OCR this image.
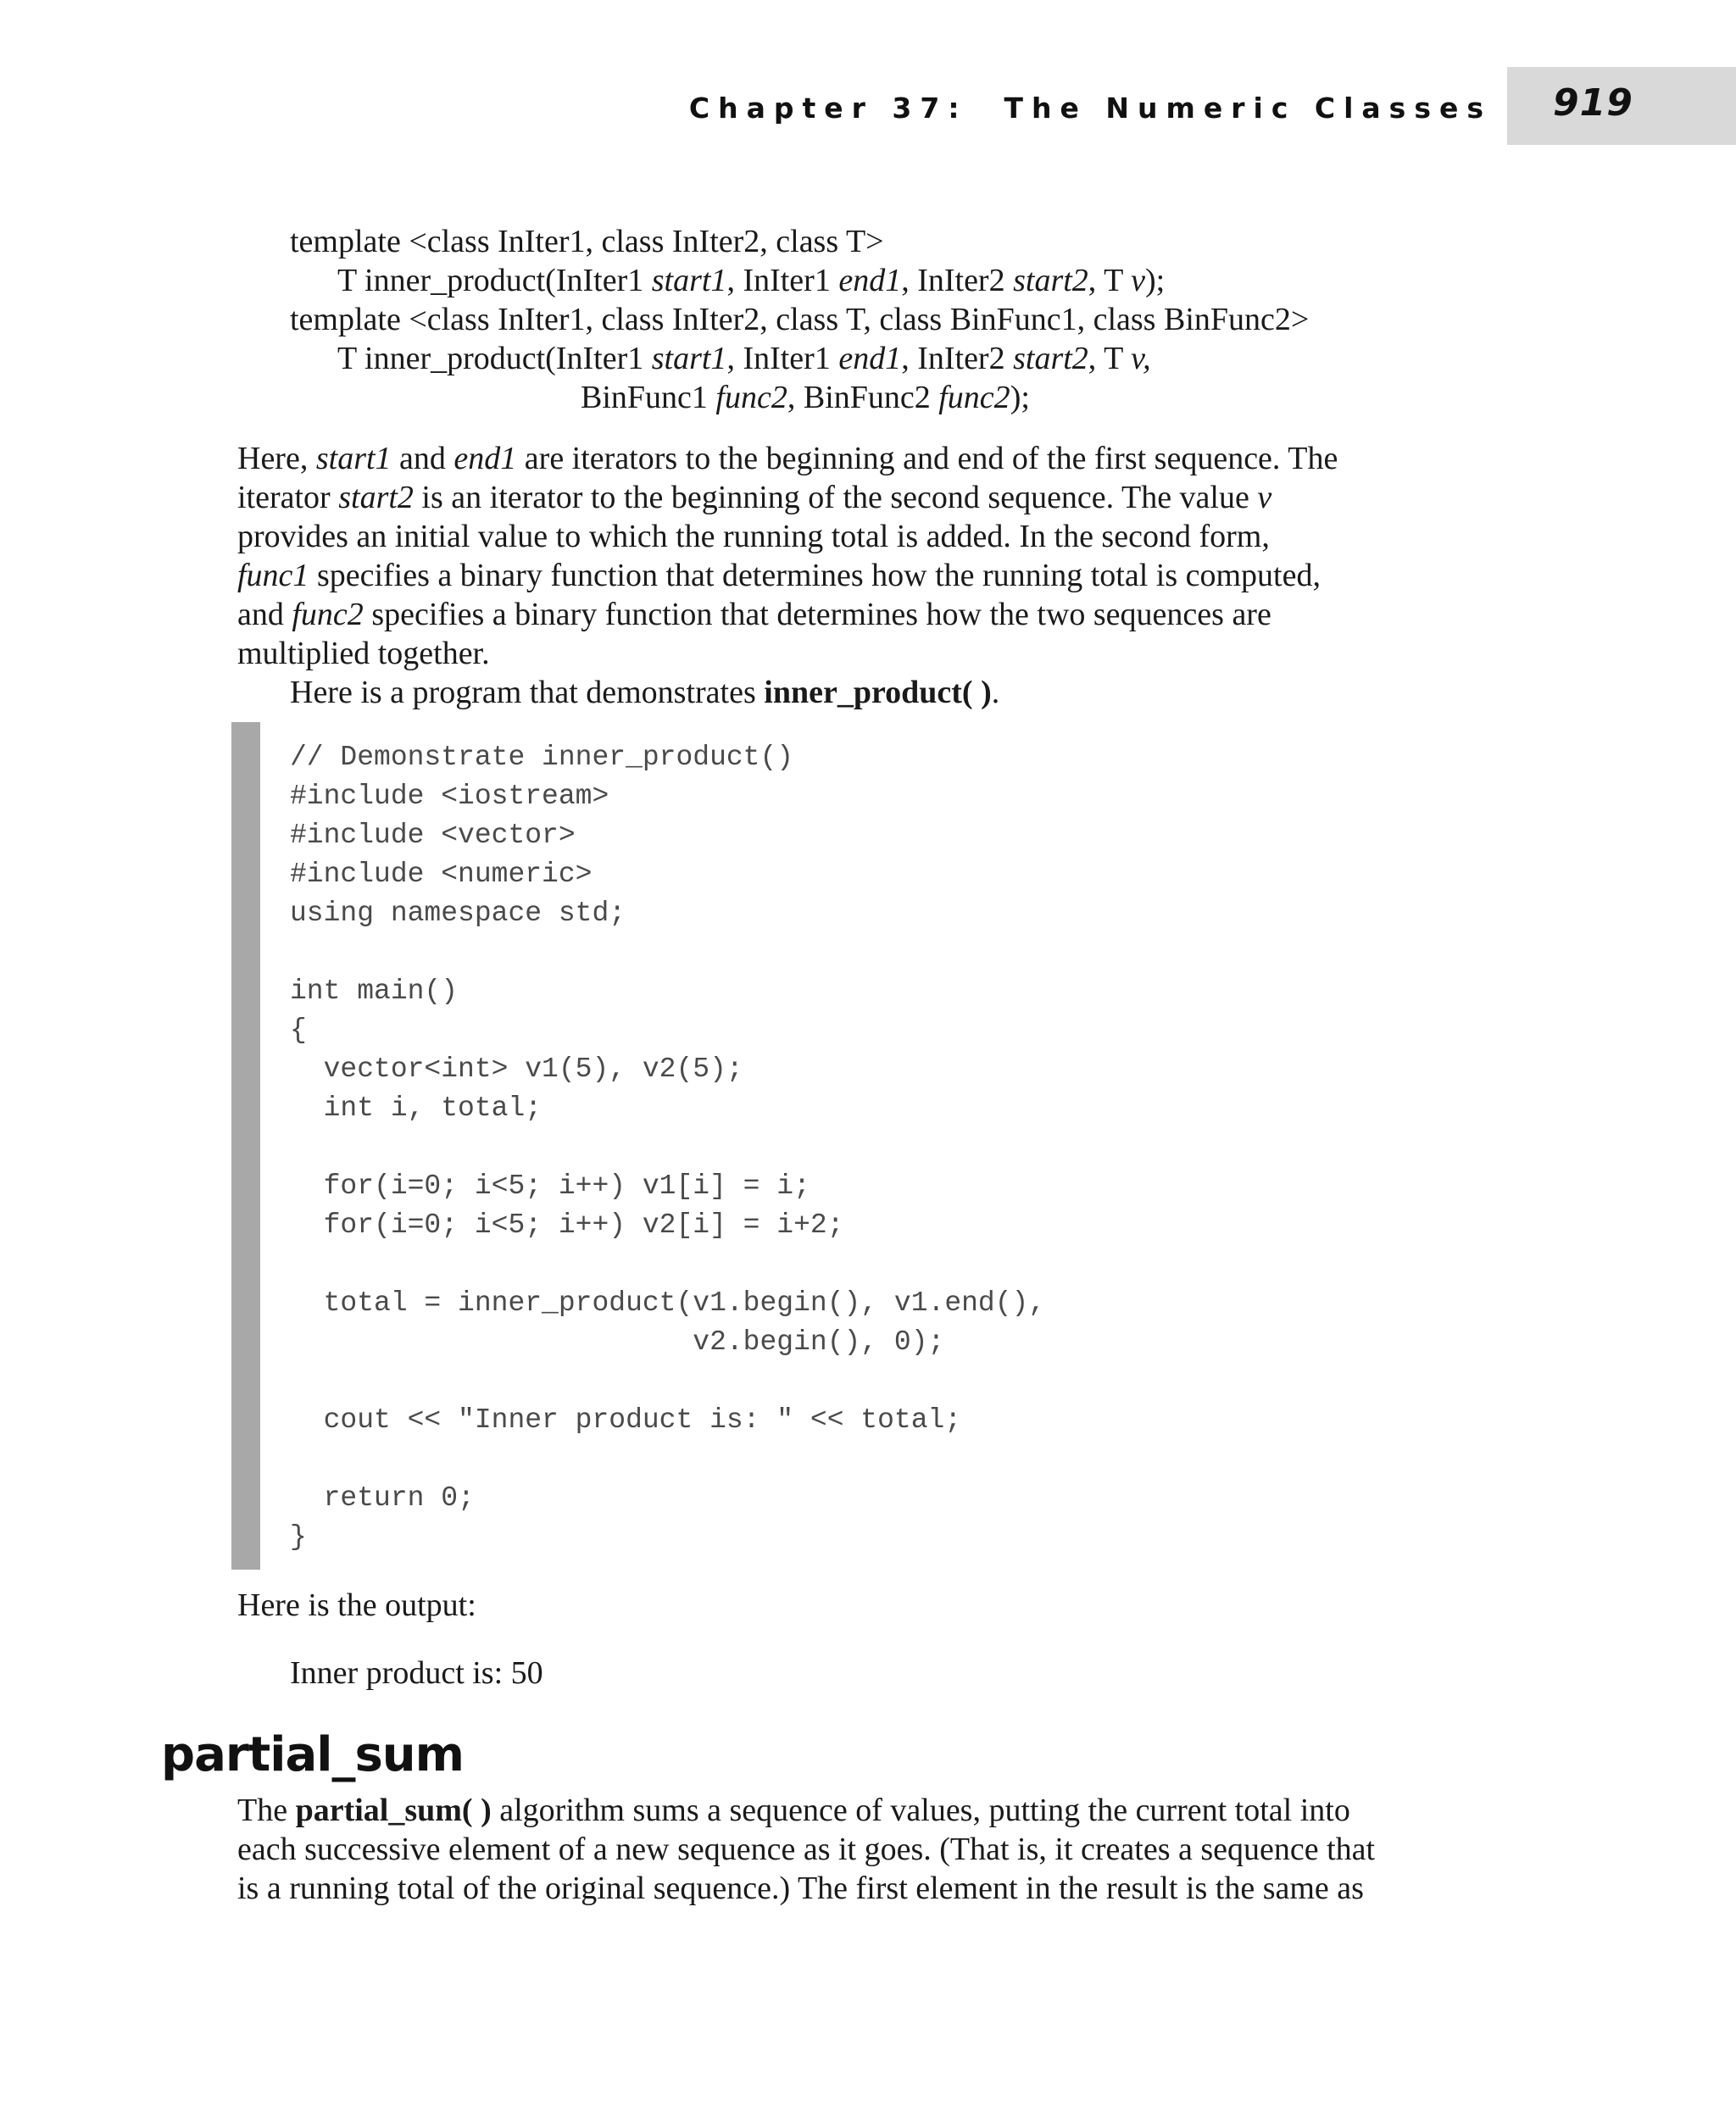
Chapter 37:  The Numeric Classes 919
template <class InIter1, class InIter2, class T>
T inner_product(InIter1 start1, InIter1 end1, InIter2 start2, T v);
template <class InIter1, class InIter2, class T, class BinFunc1, class BinFunc2>
T inner_product(InIter1 start1, InIter1 end1, InIter2 start2, T v,
BinFunc1 func2, BinFunc2 func2);
Here, start1 and end1 are iterators to the beginning and end of the first sequence. The
iterator start2 is an iterator to the beginning of the second sequence. The value v
provides an initial value to which the running total is added. In the second form,
func1 specifies a binary function that determines how the running total is computed,
and func2 specifies a binary function that determines how the two sequences are
multiplied together.
Here is a program that demonstrates inner_product( ).
// Demonstrate inner_product()
#include <iostream>
#include <vector>
#include <numeric>
using namespace std;
int main()
{
vector<int> v1(5), v2(5);
int i, total;
for(i=0; i<5; i++) v1[i] = i;
for(i=0; i<5; i++) v2[i] = i+2;
total = inner_product(v1.begin(), v1.end(),
v2.begin(), 0);
cout << "Inner product is: " << total;
return 0;
}
Here is the output:
Inner product is: 50
partial_sum
The partial_sum( ) algorithm sums a sequence of values, putting the current total into
each successive element of a new sequence as it goes. (That is, it creates a sequence that
is a running total of the original sequence.) The first element in the result is the same as
